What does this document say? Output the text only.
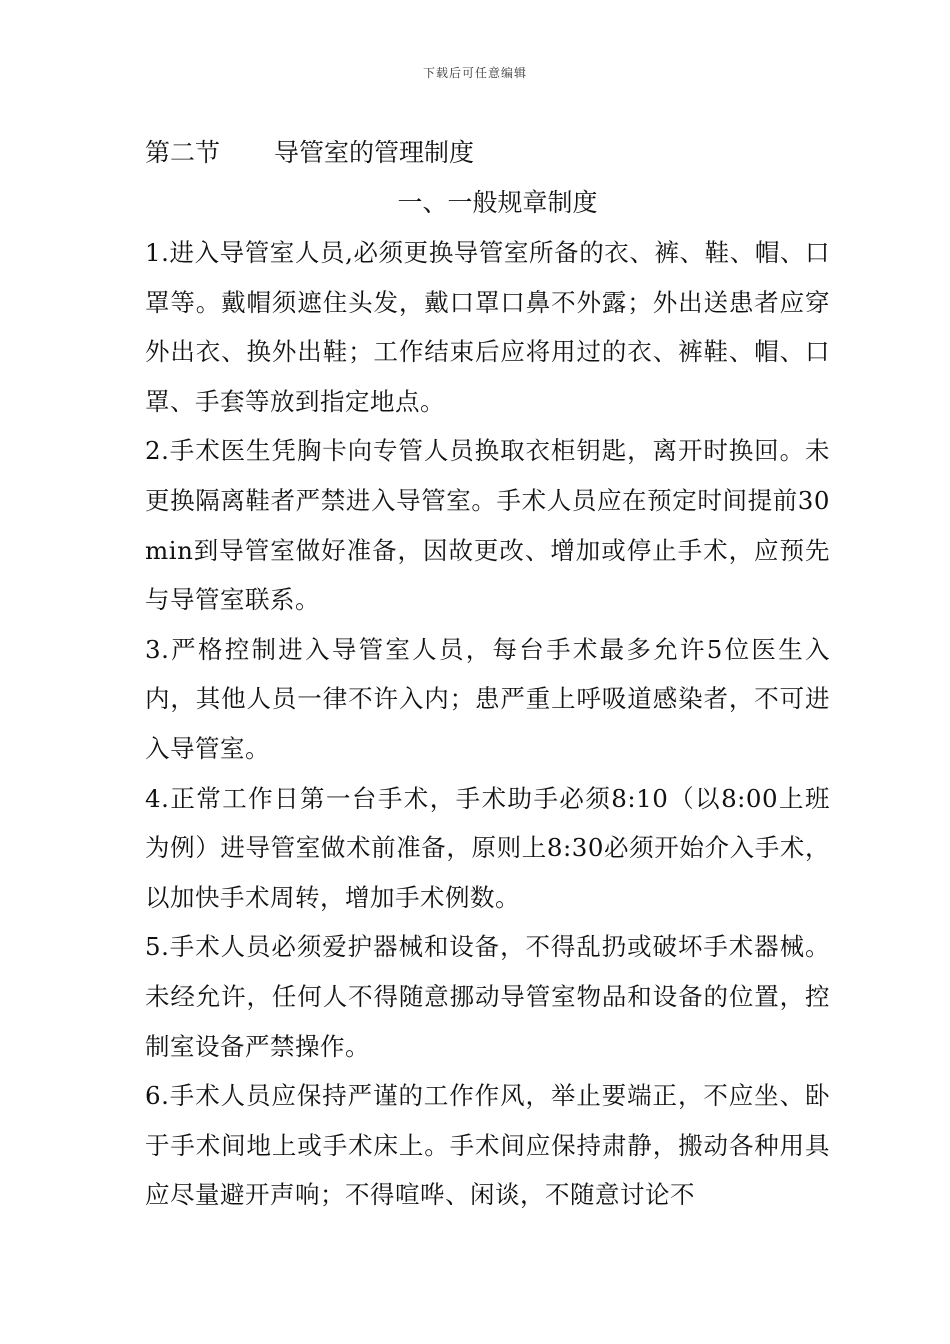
下载后可任意编辑
第二节 导管室的管理制度
一、一般规章制度
1.进入导管室人员,必须更换导管室所备的衣、裤、鞋、帽、口罩等。戴帽须遮住头发，戴口罩口鼻不外露；外出送患者应穿外出衣、换外出鞋；工作结束后应将用过的衣、裤鞋、帽、口罩、手套等放到指定地点。
2.手术医生凭胸卡向专管人员换取衣柜钥匙，离开时换回。未更换隔离鞋者严禁进入导管室。手术人员应在预定时间提前30min到导管室做好准备，因故更改、增加或停止手术，应预先与导管室联系。
3.严格控制进入导管室人员，每台手术最多允许5位医生入内，其他人员一律不许入内；患严重上呼吸道感染者，不可进入导管室。
4.正常工作日第一台手术，手术助手必须8:10（以8:00上班为例）进导管室做术前准备，原则上8:30必须开始介入手术，以加快手术周转，增加手术例数。
5.手术人员必须爱护器械和设备，不得乱扔或破坏手术器械。未经允许，任何人不得随意挪动导管室物品和设备的位置，控制室设备严禁操作。
6.手术人员应保持严谨的工作作风，举止要端正，不应坐、卧于手术间地上或手术床上。手术间应保持肃静，搬动各种用具应尽量避开声响；不得喧哗、闲谈，不随意讨论不
